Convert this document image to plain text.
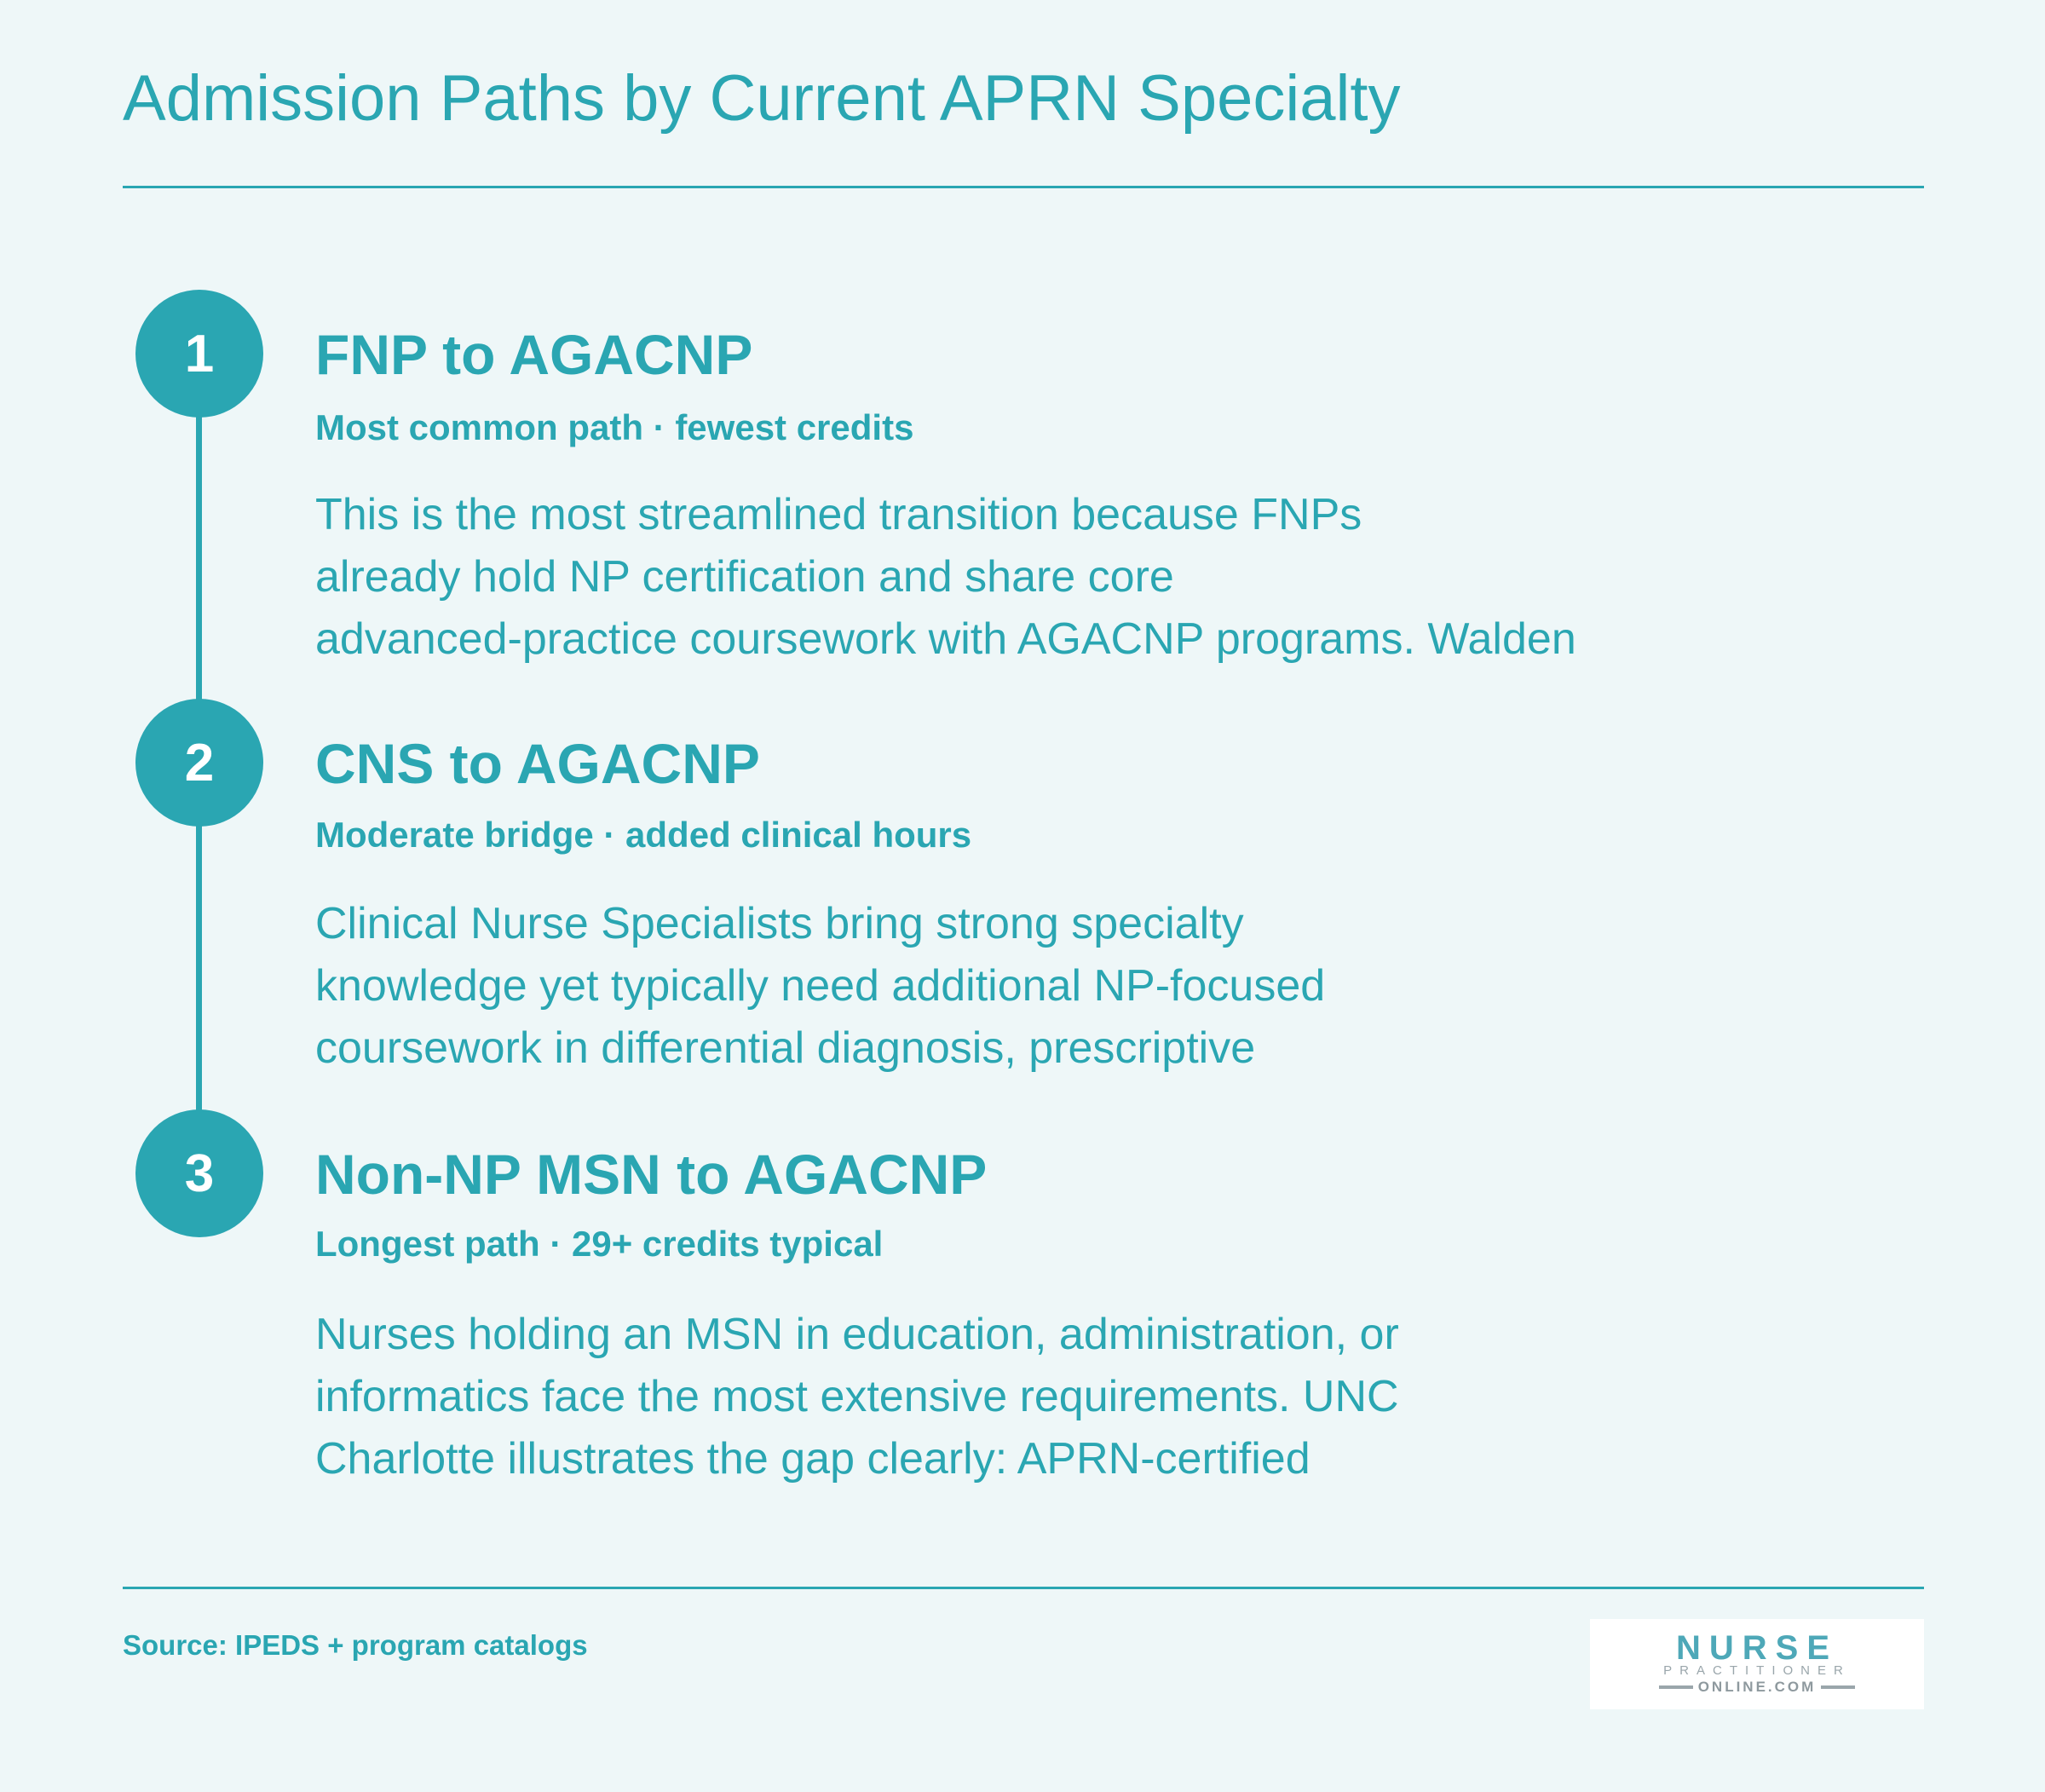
Admission Paths by Current APRN Specialty
1	FNP to AGACNP
Most common path · fewest credits
This is the most streamlined transition because FNPs
already hold NP certification and share core
advanced-practice coursework with AGACNP programs. Walden
2	CNS to AGACNP
Moderate bridge · added clinical hours
Clinical Nurse Specialists bring strong specialty
knowledge yet typically need additional NP-focused
coursework in differential diagnosis, prescriptive
3	Non-NP MSN to AGACNP
Longest path · 29+ credits typical
Nurses holding an MSN in education, administration, or
informatics face the most extensive requirements. UNC
Charlotte illustrates the gap clearly: APRN-certified
Source: IPEDS + program catalogs	NURSE
PRACTITIONER
ONLINE.COM
